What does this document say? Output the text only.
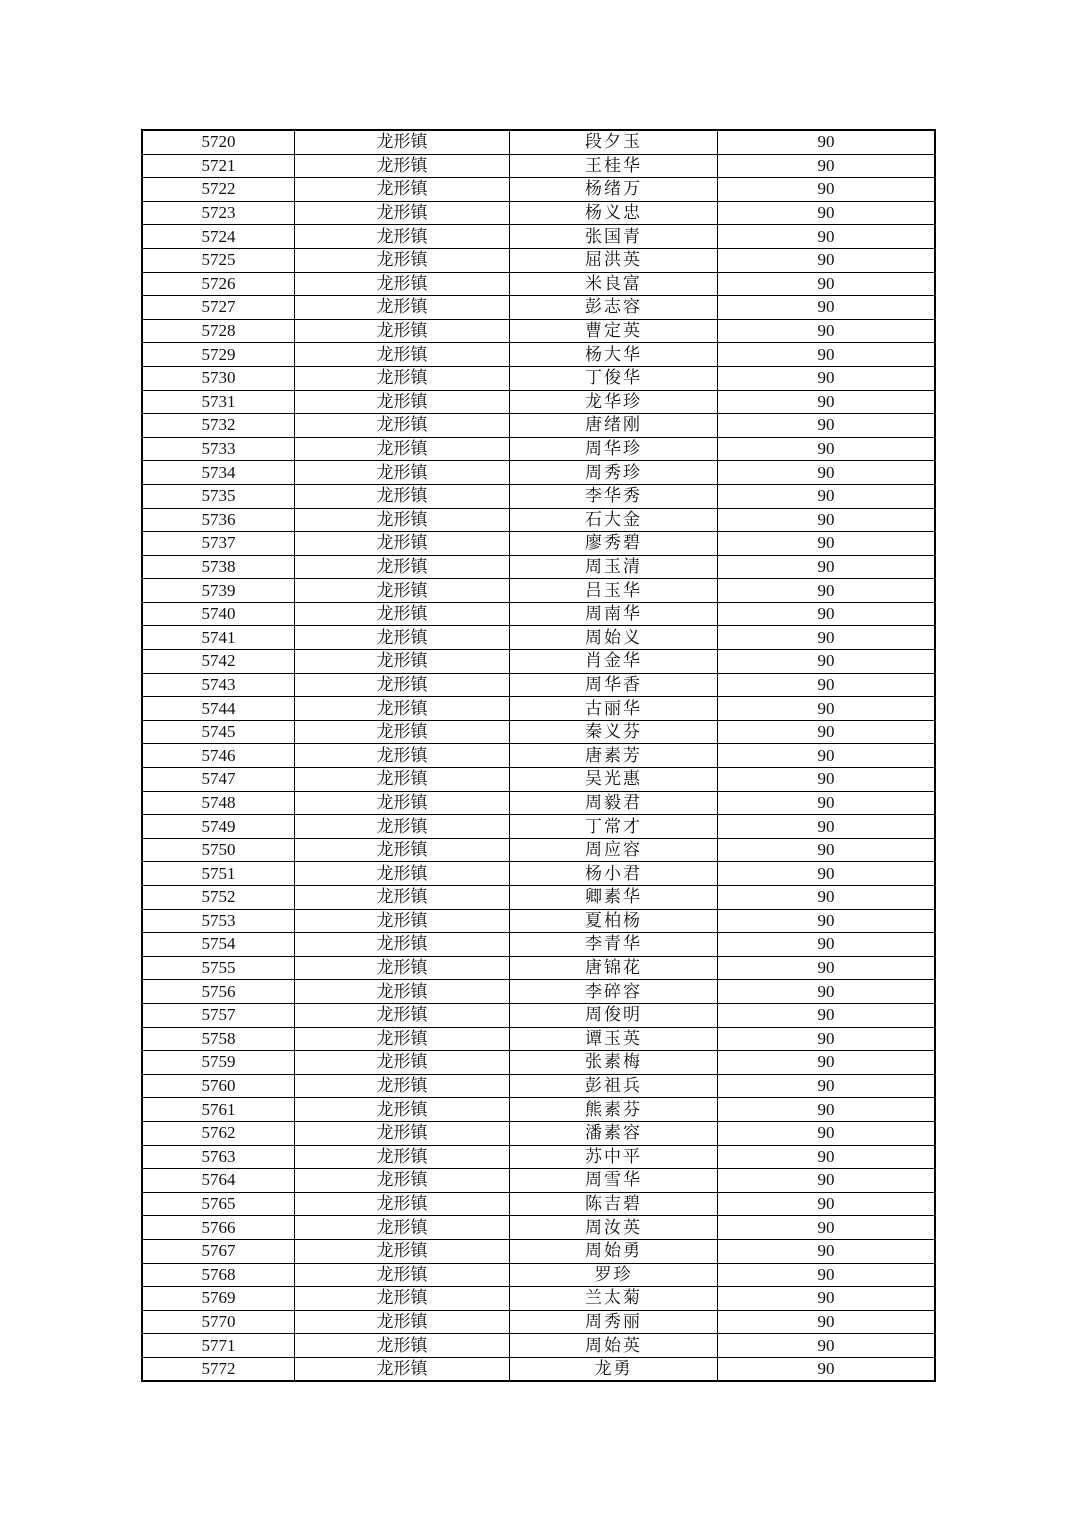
5720	龙形镇	段夕玉	90
5721	龙形镇	王桂华	90
5722	龙形镇	杨绪万	90
5723	龙形镇	杨义忠	90
5724	龙形镇	张国青	90
5725	龙形镇	屈洪英	90
5726	龙形镇	米良富	90
5727	龙形镇	彭志容	90
5728	龙形镇	曹定英	90
5729	龙形镇	杨大华	90
5730	龙形镇	丁俊华	90
5731	龙形镇	龙华珍	90
5732	龙形镇	唐绪刚	90
5733	龙形镇	周华珍	90
5734	龙形镇	周秀珍	90
5735	龙形镇	李华秀	90
5736	龙形镇	石大金	90
5737	龙形镇	廖秀碧	90
5738	龙形镇	周玉清	90
5739	龙形镇	吕玉华	90
5740	龙形镇	周南华	90
5741	龙形镇	周始义	90
5742	龙形镇	肖金华	90
5743	龙形镇	周华香	90
5744	龙形镇	古丽华	90
5745	龙形镇	秦义芬	90
5746	龙形镇	唐素芳	90
5747	龙形镇	吴光惠	90
5748	龙形镇	周毅君	90
5749	龙形镇	丁常才	90
5750	龙形镇	周应容	90
5751	龙形镇	杨小君	90
5752	龙形镇	卿素华	90
5753	龙形镇	夏柏杨	90
5754	龙形镇	李青华	90
5755	龙形镇	唐锦花	90
5756	龙形镇	李碎容	90
5757	龙形镇	周俊明	90
5758	龙形镇	谭玉英	90
5759	龙形镇	张素梅	90
5760	龙形镇	彭祖兵	90
5761	龙形镇	熊素芬	90
5762	龙形镇	潘素容	90
5763	龙形镇	苏中平	90
5764	龙形镇	周雪华	90
5765	龙形镇	陈吉碧	90
5766	龙形镇	周汝英	90
5767	龙形镇	周始勇	90
5768	龙形镇	罗珍	90
5769	龙形镇	兰太菊	90
5770	龙形镇	周秀丽	90
5771	龙形镇	周始英	90
5772	龙形镇	龙勇	90
